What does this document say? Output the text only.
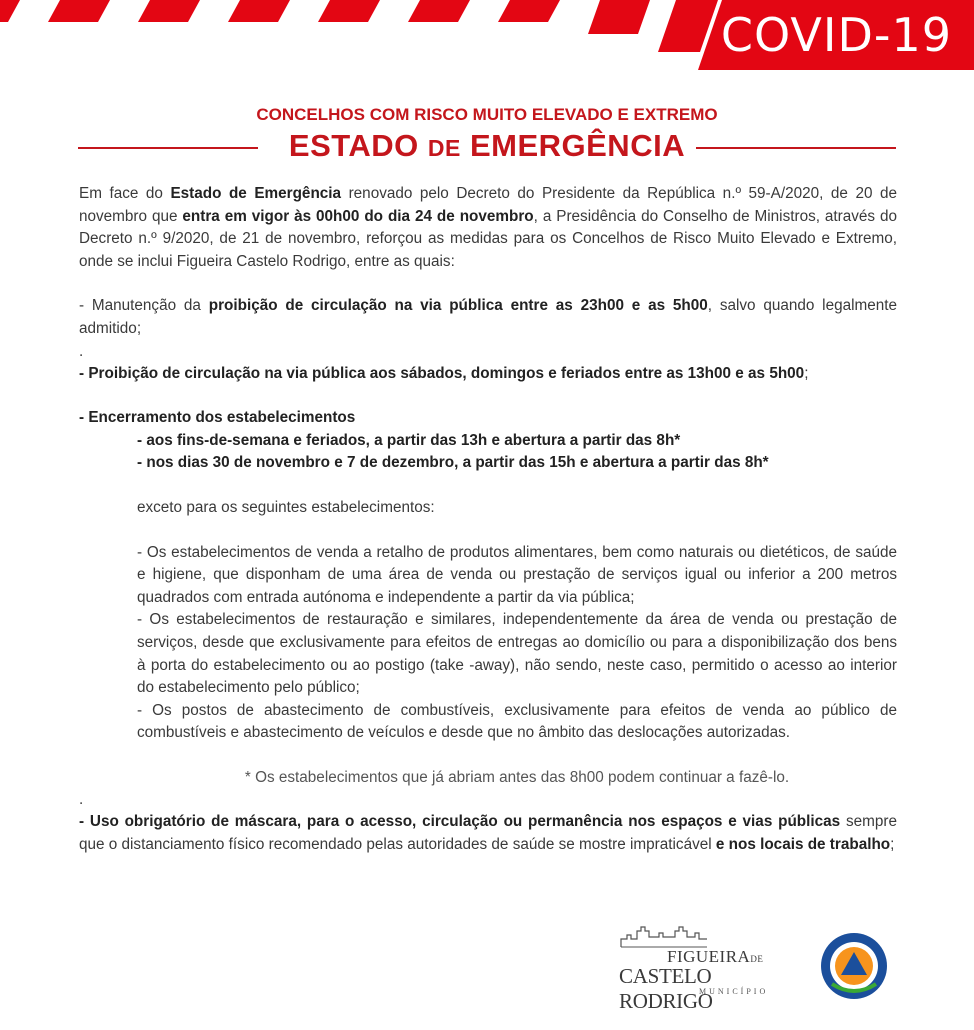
COVID-19
CONCELHOS COM RISCO MUITO ELEVADO E EXTREMO
ESTADO DE EMERGÊNCIA

Em face do Estado de Emergência renovado pelo Decreto do Presidente da República n.º 59-A/2020, de 20 de novembro que entra em vigor às 00h00 do dia 24 de novembro, a Presidência do Conselho de Ministros, através do Decreto n.º 9/2020, de 21 de novembro, reforçou as medidas para os Concelhos de Risco Muito Elevado e Extremo, onde se inclui Figueira Castelo Rodrigo, entre as quais:

- Manutenção da proibição de circulação na via pública entre as 23h00 e as 5h00, salvo quando legalmente admitido;

.

- Proibição de circulação na via pública aos sábados, domingos e feriados entre as 13h00 e as 5h00;

- Encerramento dos estabelecimentos

- aos fins-de-semana e feriados, a partir das 13h e abertura a partir das 8h*

- nos dias 30 de novembro e 7 de dezembro, a partir das 15h e abertura a partir das 8h*

exceto para os seguintes estabelecimentos:

- Os estabelecimentos de venda a retalho de produtos alimentares, bem como naturais ou dietéticos, de saúde e higiene, que disponham de uma área de venda ou prestação de serviços igual ou inferior a 200 metros quadrados com entrada autónoma e independente a partir da via pública;

- Os estabelecimentos de restauração e similares, independentemente da área de venda ou prestação de serviços, desde que exclusivamente para efeitos de entregas ao domicílio ou para a disponibilização dos bens à porta do estabelecimento ou ao postigo (take -away), não sendo, neste caso, permitido o acesso ao interior do estabelecimento pelo público;

- Os postos de abastecimento de combustíveis, exclusivamente para efeitos de venda ao público de combustíveis e abastecimento de veículos e desde que no âmbito das deslocações autorizadas.

* Os estabelecimentos que já abriam antes das 8h00 podem continuar a fazê-lo.

.

- Uso obrigatório de máscara, para o acesso, circulação ou permanência nos espaços e vias públicas sempre que o distanciamento físico recomendado pelas autoridades de saúde se mostre impraticável e nos locais de trabalho;

FIGUEIRADE
CASTELO RODRIGO
MUNICÍPIO
